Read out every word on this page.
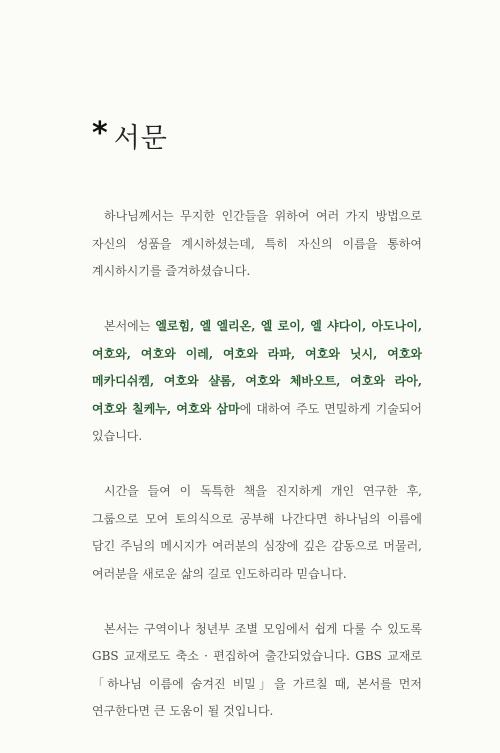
* 서문

하나님께서는 무지한 인간들을 위하여 여러 가지 방법으로 자신의 성품을 계시하셨는데, 특히 자신의 이름을 통하여 계시하시기를 즐겨하셨습니다.

본서에는 엘로힘, 엘 엘리온, 엘 로이, 엘 샤다이, 아도나이, 여호와, 여호와 이레, 여호와 라파, 여호와 닛시, 여호와 메카디쉬켐, 여호와 샬롬, 여호와 체바오트, 여호와 라아, 여호와 칠케누, 여호와 삼마에 대하여 주도 면밀하게 기술되어 있습니다.

시간을 들여 이 독특한 책을 진지하게 개인 연구한 후, 그룹으로 모여 토의식으로 공부해 나간다면 하나님의 이름에 담긴 주님의 메시지가 여러분의 심장에 깊은 감동으로 머물러, 여러분을 새로운 삶의 길로 인도하리라 믿습니다.

본서는 구역이나 청년부 조별 모임에서 쉽게 다룰 수 있도록 GBS 교재로도 축소 · 편집하여 출간되었습니다. GBS 교재로 「하나님 이름에 숨겨진 비밀」을 가르칠 때, 본서를 먼저 연구한다면 큰 도움이 될 것입니다.
